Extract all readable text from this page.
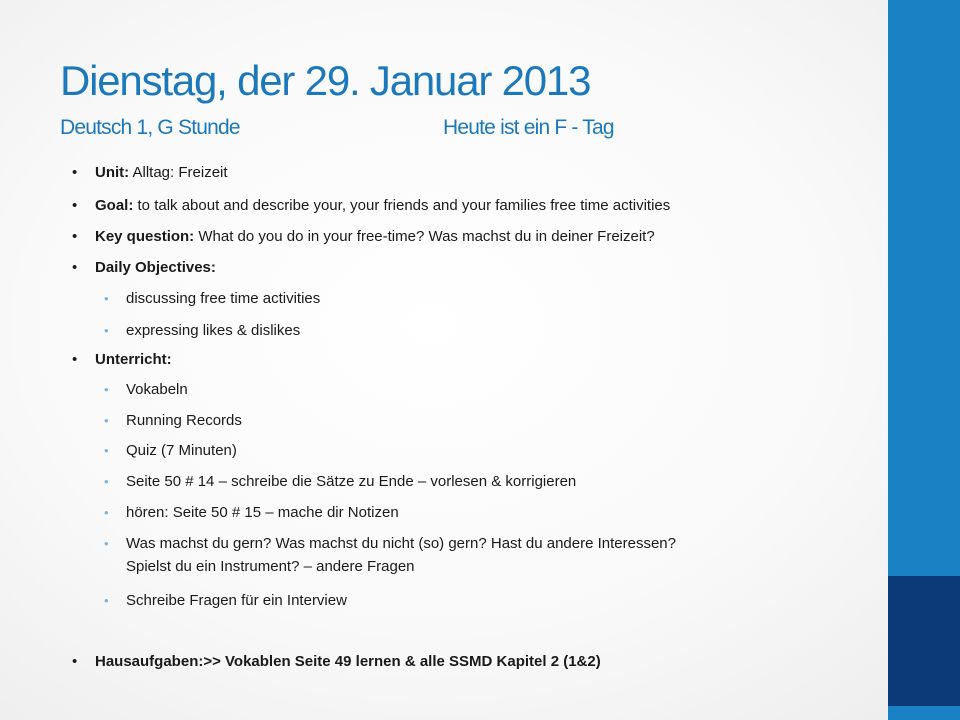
Dienstag, der 29. Januar 2013
Deutsch 1, G Stunde	Heute ist ein F - Tag
• Unit: Alltag: Freizeit
• Goal: to talk about and describe your, your friends and your families free time activities
• Key question: What do you do in your free-time? Was machst du in deiner Freizeit?
• Daily Objectives:
• discussing free time activities
• expressing likes & dislikes
• Unterricht:
• Vokabeln
• Running Records
• Quiz (7 Minuten)
• Seite 50 # 14 – schreibe die Sätze zu Ende – vorlesen & korrigieren
• hören: Seite 50 # 15 – mache dir Notizen
• Was machst du gern? Was machst du nicht (so) gern? Hast du andere Interessen?
Spielst du ein Instrument? – andere Fragen
• Schreibe Fragen für ein Interview
• Hausaufgaben:>> Vokablen Seite 49 lernen & alle SSMD Kapitel 2 (1&2)
